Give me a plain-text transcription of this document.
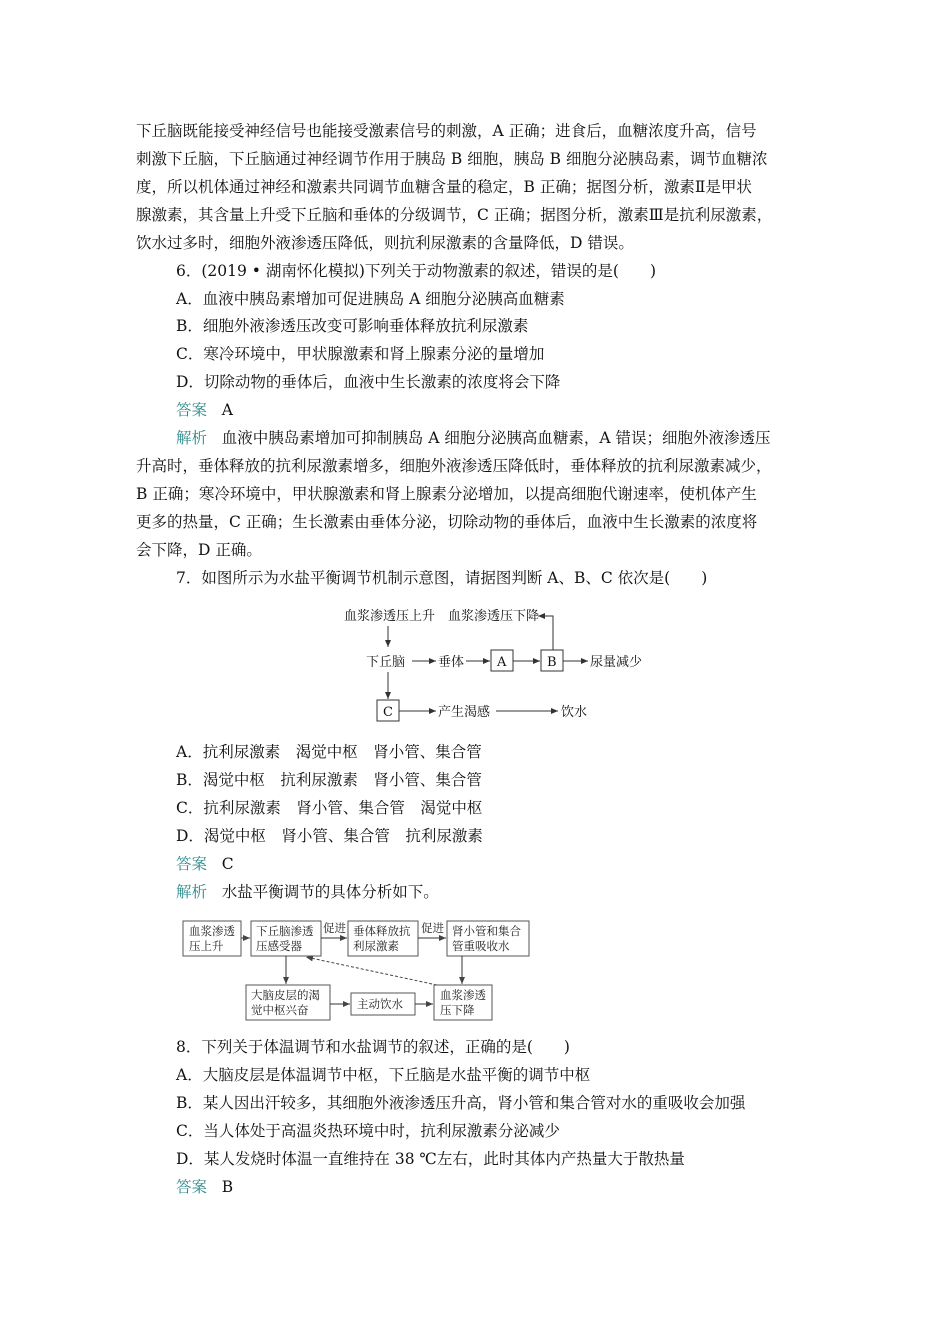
下丘脑既能接受神经信号也能接受激素信号的刺激，A 正确；进食后，血糖浓度升高，信号
刺激下丘脑，下丘脑通过神经调节作用于胰岛 B 细胞，胰岛 B 细胞分泌胰岛素，调节血糖浓
度，所以机体通过神经和激素共同调节血糖含量的稳定，B 正确；据图分析，激素Ⅱ是甲状
腺激素，其含量上升受下丘脑和垂体的分级调节，C 正确；据图分析，激素Ⅲ是抗利尿激素，
饮水过多时，细胞外液渗透压降低，则抗利尿激素的含量降低，D 错误。
6．(2019 • 湖南怀化模拟)下列关于动物激素的叙述，错误的是(　　)
A．血液中胰岛素增加可促进胰岛 A 细胞分泌胰高血糖素
B．细胞外液渗透压改变可影响垂体释放抗利尿激素
C．寒冷环境中，甲状腺激素和肾上腺素分泌的量增加
D．切除动物的垂体后，血液中生长激素的浓度将会下降
答案 A
解析 血液中胰岛素增加可抑制胰岛 A 细胞分泌胰高血糖素，A 错误；细胞外液渗透压
升高时，垂体释放的抗利尿激素增多，细胞外液渗透压降低时，垂体释放的抗利尿激素减少，
B 正确；寒冷环境中，甲状腺激素和肾上腺素分泌增加，以提高细胞代谢速率，使机体产生
更多的热量，C 正确；生长激素由垂体分泌，切除动物的垂体后，血液中生长激素的浓度将
会下降，D 正确。
7．如图所示为水盐平衡调节机制示意图，请据图判断 A、B、C 依次是(　　)
血浆渗透压上升 血浆渗透压下降
下丘脑	垂体	A	B	尿量减少
C	产生渴感	饮水
A．抗利尿激素　渴觉中枢　肾小管、集合管
B．渴觉中枢　抗利尿激素　肾小管、集合管
C．抗利尿激素　肾小管、集合管　渴觉中枢
D．渴觉中枢　肾小管、集合管　抗利尿激素
答案 C
解析 水盐平衡调节的具体分析如下。
血浆渗透
压上升
下丘脑渗透
压感受器
促进 垂体释放抗
利尿激素
促进 肾小管和集合
管重吸收水
大脑皮层的渴
觉中枢兴奋	主动饮水
血浆渗透
压下降
8．下列关于体温调节和水盐调节的叙述，正确的是(　　)
A．大脑皮层是体温调节中枢，下丘脑是水盐平衡的调节中枢
B．某人因出汗较多，其细胞外液渗透压升高，肾小管和集合管对水的重吸收会加强
C．当人体处于高温炎热环境中时，抗利尿激素分泌减少
D．某人发烧时体温一直维持在 38 ℃左右，此时其体内产热量大于散热量
答案 B
